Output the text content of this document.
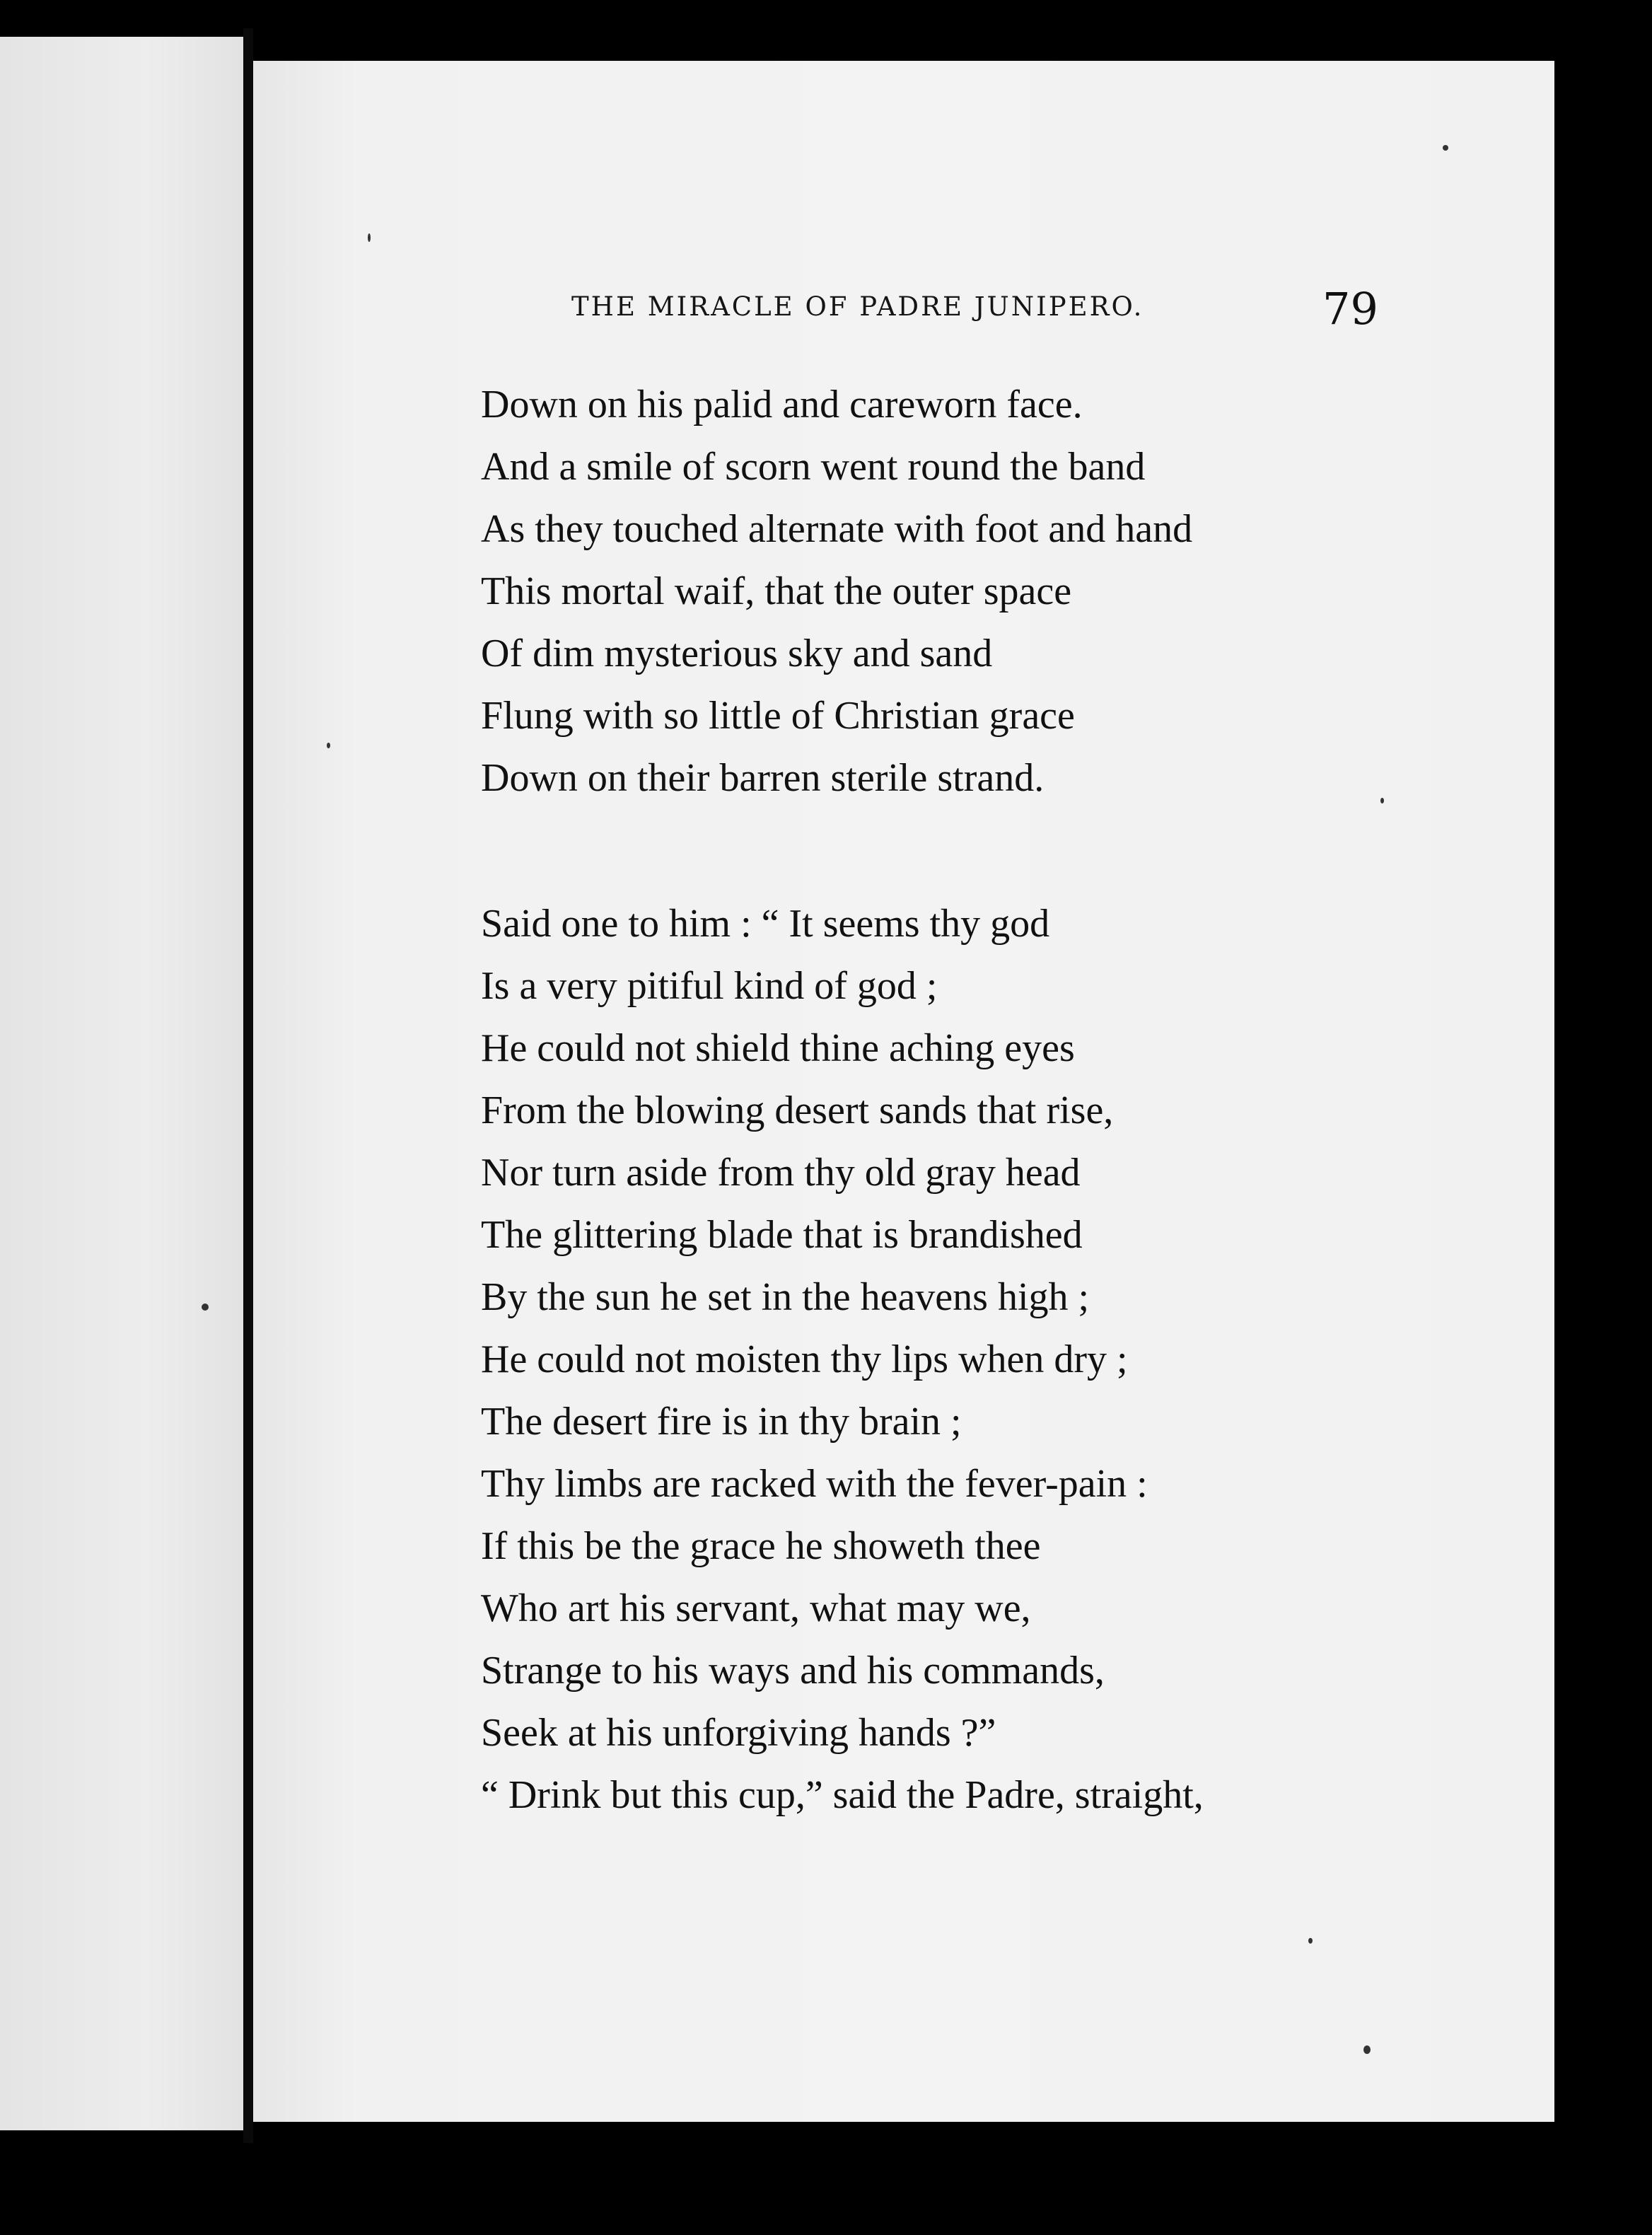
THE MIRACLE OF PADRE JUNIPERO.	79
Down on his palid and careworn face.
And a smile of scorn went round the band
As they touched alternate with foot and hand
This mortal waif, that the outer space
Of dim mysterious sky and sand
Flung with so little of Christian grace
Down on their barren sterile strand.
Said one to him : “ It seems thy god
Is a very pitiful kind of god ;
He could not shield thine aching eyes
From the blowing desert sands that rise,
Nor turn aside from thy old gray head
The glittering blade that is brandished
By the sun he set in the heavens high ;
He could not moisten thy lips when dry ;
The desert fire is in thy brain ;
Thy limbs are racked with the fever-pain :
If this be the grace he showeth thee
Who art his servant, what may we,
Strange to his ways and his commands,
Seek at his unforgiving hands ?”
“ Drink but this cup,” said the Padre, straight,
